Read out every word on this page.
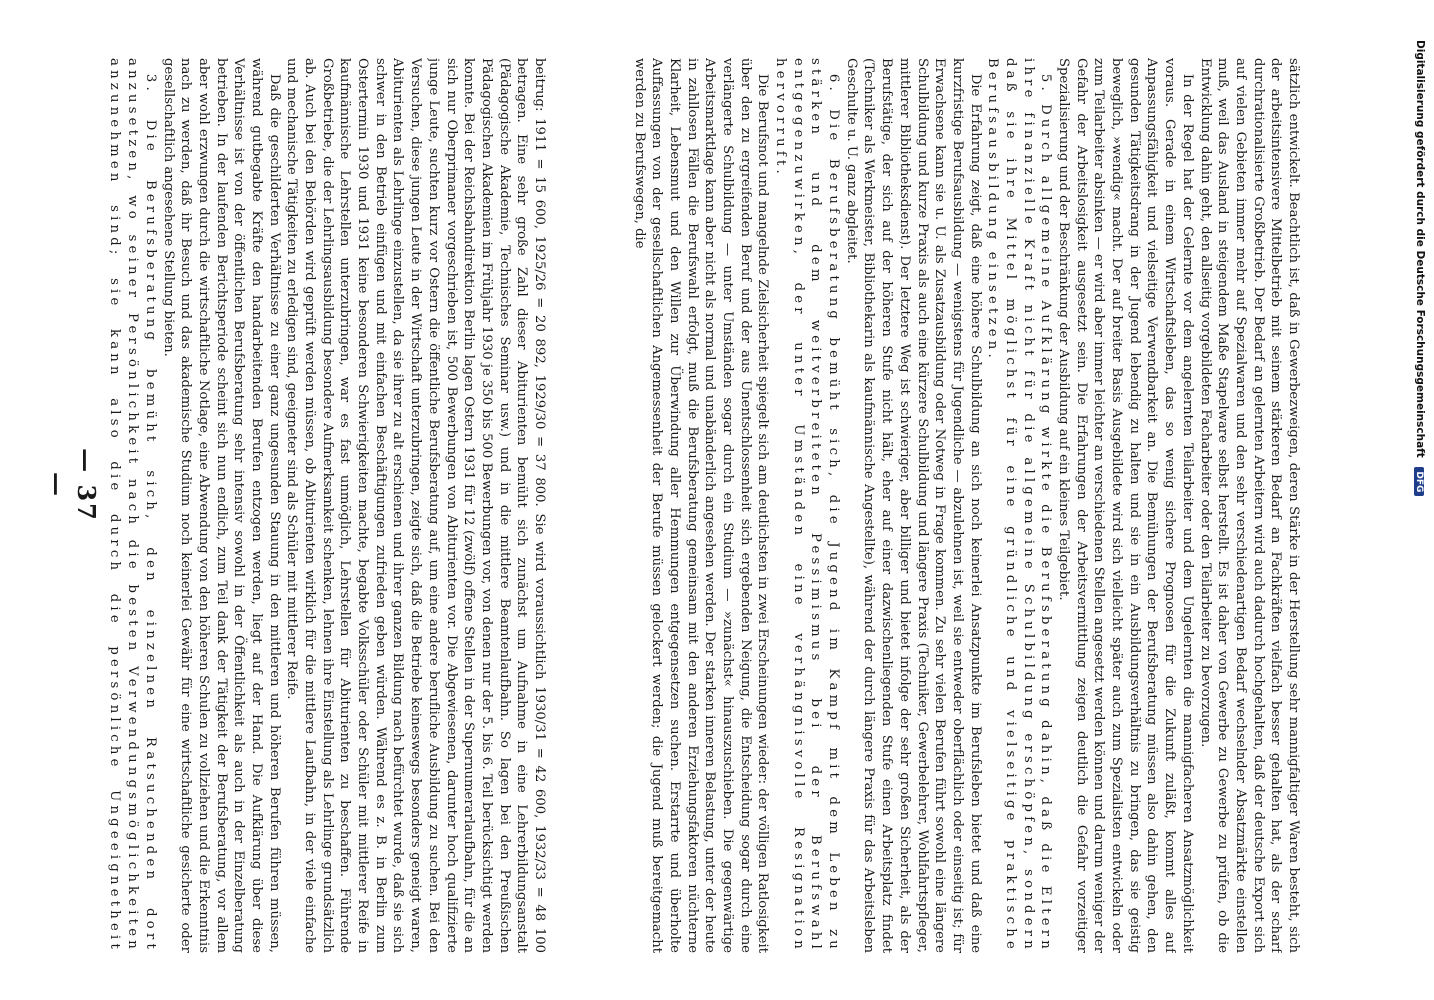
— 37 —	beitrug: 1911 = 15 600, 1925/26 = 20 892, 1929/30 = 37 800. Sie wird voraussichtlich 1930/31 = 42 600, 1932/33 = 48 100 betragen. Eine sehr große Zahl dieser Abiturienten bemüht sich zunächst um Aufnahme in eine Lehrerbildungsanstalt (Pädagogische Akademie, Technisches Seminar usw.) und in die mittlere Beamtenlaufbahn. So lagen bei den Preußischen Pädagogischen Akademien im Frühjahr 1930 je 350 bis 500 Bewerbungen vor, von denen nur der 5. bis 6. Teil berücksichtigt werden konnte. Bei der Reichsbahndirektion Berlin lagen Ostern 1931 für 12 (zwölf) offene Stellen in der Supernumerarlaufbahn, für die an sich nur Oberprimaner vorgeschrieben ist, 500 Bewerbungen von Abiturienten vor. Die Abgewiesenen, darunter hoch qualifizierte junge Leute, suchten kurz vor Ostern die öffentliche Berufsberatung auf, um eine andere berufliche Ausbildung zu suchen. Bei den Versuchen, diese jungen Leute in der Wirtschaft unterzubringen, zeigte sich, daß die Betriebe keineswegs besonders geneigt waren, Abiturienten als Lehrlinge einzustellen, da sie ihrer zu alt erschienen und ihrer ganzen Bildung nach befürchtet wurde, daß sie sich schwer in den Betrieb einfügen und mit einfachen Beschäftigungen zufrieden geben würden. Während es z. B. in Berlin zum Ostertermin 1930 und 1931 keine besonderen Schwierigkeiten machte, begabte Volksschüler oder Schüler mit mittlerer Reife in kaufmännische Lehrstellen unterzubringen, war es fast unmöglich, Lehrstellen für Abiturienten zu beschaffen. Führende Großbetriebe, die der Lehrlingsausbildung besondere Aufmerksamkeit schenken, lehnen ihre Einstellung als Lehrlinge grundsätzlich ab. Auch bei den Behörden wird geprüft werden müssen, ob Abiturienten wirklich für die mittlere Laufbahn, in der viele einfache und mechanische Tätigkeiten zu erledigen sind, geeigneter sind als Schüler mit mittlerer Reife.

Daß die geschilderten Verhältnisse zu einer ganz ungesunden Stauung in den mittleren und höheren Berufen führen müssen, während gutbegabte Kräfte den handarbeitenden Berufen entzogen werden, liegt auf der Hand. Die Aufklärung über diese Verhältnisse ist von der öffentlichen Berufsberatung sehr intensiv sowohl in der Öffentlichkeit als auch in der Einzelberatung betrieben. In der laufenden Berichtsperiode scheint sich nun endlich, zum Teil dank der Tätigkeit der Berufsberatung, vor allem aber wohl erzwungen durch die wirtschaftliche Notlage, eine Abwendung von den höheren Schulen zu vollziehen und die Erkenntnis nach zu werden, daß ihr Besuch und das akademische Studium noch keinerlei Gewähr für eine wirtschaftliche gesicherte oder gesellschaftlich angesehene Stellung bieten.

3. Die Berufsberatung bemüht sich, den einzelnen Ratsuchenden dort anzusetzen, wo seiner Persönlichkeit nach die besten Verwendungsmöglichkeiten anzunehmen sind; sie kann also die durch die persönliche Ungeeignetheit	sätzlich entwickelt. Beachtlich ist, daß in Gewerbezweigen, deren Stärke in der Herstellung sehr mannigfaltiger Waren besteht, sich der arbeitsintensivere Mittelbetrieb mit seinem stärkeren Bedarf an Fachkräften vielfach besser gehalten hat, als der scharf durchrationalisierte Großbetrieb. Der Bedarf an gelernten Arbeitern wird auch dadurch hochgehalten, daß der deutsche Export sich auf vielen Gebieten immer mehr auf Spezialwaren und den sehr verschiedenartigen Bedarf wechselnder Absatzmärkte einstellen muß, weil das Ausland in steigendem Maße Stapelware selbst herstellt. Es ist daher von Gewerbe zu Gewerbe zu prüfen, ob die Entwicklung dahin geht, den allseitig vorgebildeten Facharbeiter oder den Teilarbeiter zu bevorzugen.

In der Regel hat der Gelernte vor dem angelernten Teilarbeiter und dem Ungelernten die mannigfacheren Ansatzmöglichkeit voraus. Gerade in einem Wirtschaftsleben, das so wenig sichere Prognosen für die Zukunft zuläßt, kommt alles auf Anpassungsfähigkeit und vielseitige Verwendbarkeit an. Die Bemühungen der Berufsberatung müssen also dahin gehen, den gesunden Tätigkeitsdrang in der Jugend lebendig zu halten und sie in ein Ausbildungsverhältnis zu bringen, das sie geistig beweglich, »wendig« macht. Der auf breiter Basis Ausgebildete wird sich vielleicht später auch zum Spezialisten entwickeln oder zum Teilarbeiter absinken — er wird aber immer leichter an verschiedenen Stellen angesetzt werden können und darum weniger der Gefahr der Arbeitslosigkeit ausgesetzt sein. Die Erfahrungen der Arbeitsvermittlung zeigen deutlich die Gefahr vorzeitiger Spezialisierung und der Beschränkung der Ausbildung auf ein kleines Teilgebiet.

5. Durch allgemeine Aufklärung wirkte die Berufsberatung dahin, daß die Eltern ihre finanzielle Kraft nicht für die allgemeine Schulbildung erschöpfen, sondern daß sie ihre Mittel möglichst für eine gründliche und vielseitige praktische Berufsausbildung einsetzen.

Die Erfahrung zeigt, daß eine höhere Schulbildung an sich noch keinerlei Ansatzpunkte im Berufsleben bietet und daß eine kurzfristige Berufsausbildung — wenigstens für Jugendliche — abzulehnen ist, weil sie entweder oberflächlich oder einseitig ist; für Erwachsene kann sie u. U. als Zusatzausbildung oder Notweg in Frage kommen. Zu sehr vielen Berufen führt sowohl eine längere Schulbildung und kurze Praxis als auch eine kürzere Schulbildung und längere Praxis (Techniker, Gewerbelehrer, Wohlfahrtspfleger, mittlerer Bibliotheksdienst). Der letztere Weg ist schwieriger, aber billiger und bietet infolge der sehr großen Sicherheit, als der Berufstätige, der sich auf der höheren Stufe nicht hält, eher auf einer dazwischenliegenden Stufe einen Arbeitsplatz findet (Techniker als Werkmeister, Bibliothekarin als kaufmännische Angestellte), während der durch längere Praxis für das Arbeitsleben Geschulte u. U. ganz abgleitet.

6. Die Berufsberatung bemüht sich, die Jugend im Kampf mit dem Leben zu stärken und dem weitverbreiteten Pessimismus bei der Berufswahl entgegenzuwirken, der unter Umständen eine verhängnisvolle Resignation hervorruft.

Die Berufsnot und mangelnde Zielsicherheit spiegelt sich am deutlichsten in zwei Erscheinungen wieder: der völligen Ratlosigkeit über den zu ergreifenden Beruf und der aus Unentschlossenheit sich ergebenden Neigung, die Entscheidung sogar durch eine verlängerte Schulbildung — unter Umständen sogar durch ein Studium — »zunächst« hinauszuschieben. Die gegenwärtige Arbeitsmarktlage kann aber nicht als normal und unabänderlich angesehen werden. Der starken inneren Belastung, unter der heute in zahllosen Fällen die Berufswahl erfolgt, muß die Berufsberatung gemeinsam mit den anderen Erziehungsfaktoren nüchterne Klarheit, Lebensmut und den Willen zur Überwindung aller Hemmungen entgegensetzen suchen. Erstarrte und überholte Auffassungen von der gesellschaftlichen Angemessenheit der Berufe müssen gelockert werden; die Jugend muß bereitgemacht werden zu Berufswegen, die	Digitalisierung gefördert durch die Deutsche Forschungsgemeinschaft DFG
